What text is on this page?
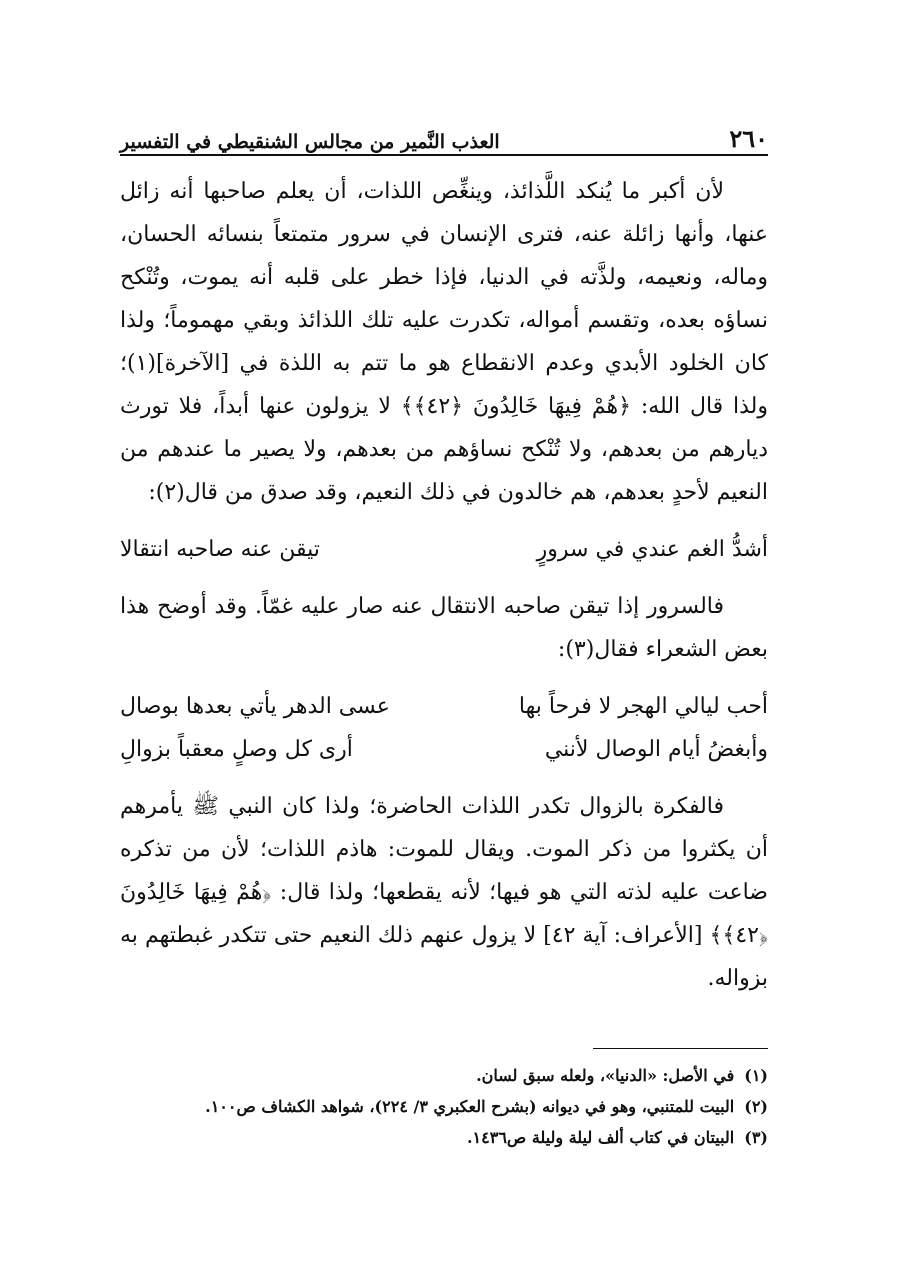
٢٦٠
العذب النَّمير من مجالس الشنقيطي في التفسير
لأن أكبر ما يُنكد اللَّذائذ، وينغِّص اللذات، أن يعلم صاحبها أنه زائل عنها، وأنها زائلة عنه، فترى الإنسان في سرور متمتعاً بنسائه الحسان، وماله، ونعيمه، ولذَّته في الدنيا، فإذا خطر على قلبه أنه يموت، وتُنْكح نساؤه بعده، وتقسم أمواله، تكدرت عليه تلك اللذائذ وبقي مهموماً؛ ولذا كان الخلود الأبدي وعدم الانقطاع هو ما تتم به اللذة في [الآخرة](١)؛ ولذا قال الله: ﴿هُمْ فِيهَا خَالِدُونَ ﴿٤٢﴾﴾ لا يزولون عنها أبداً، فلا تورث ديارهم من بعدهم، ولا تُنْكح نساؤهم من بعدهم، ولا يصير ما عندهم من النعيم لأحدٍ بعدهم، هم خالدون في ذلك النعيم، وقد صدق من قال(٢):
أشدُّ الغم عندي في سرورٍ
تيقن عنه صاحبه انتقالا
فالسرور إذا تيقن صاحبه الانتقال عنه صار عليه غمّاً. وقد أوضح هذا بعض الشعراء فقال(٣):
أحب ليالي الهجر لا فرحاً بها
عسى الدهر يأتي بعدها بوصال
وأبغضُ أيام الوصال لأنني
أرى كل وصلٍ معقباً بزوالِ
فالفكرة بالزوال تكدر اللذات الحاضرة؛ ولذا كان النبي ﷺ يأمرهم أن يكثروا من ذكر الموت. ويقال للموت: هاذم اللذات؛ لأن من تذكره ضاعت عليه لذته التي هو فيها؛ لأنه يقطعها؛ ولذا قال: ﴿هُمْ فِيهَا خَالِدُونَ ﴿٤٢﴾﴾ [الأعراف: آية ٤٢] لا يزول عنهم ذلك النعيم حتى تتكدر غبطتهم به بزواله.
(١)
في الأصل: «الدنيا»، ولعله سبق لسان.
(٢)
البيت للمتنبي، وهو في ديوانه (بشرح العكبري ٣/ ٢٢٤)، شواهد الكشاف ص١٠٠.
(٣)
البيتان في كتاب ألف ليلة وليلة ص١٤٣٦.
